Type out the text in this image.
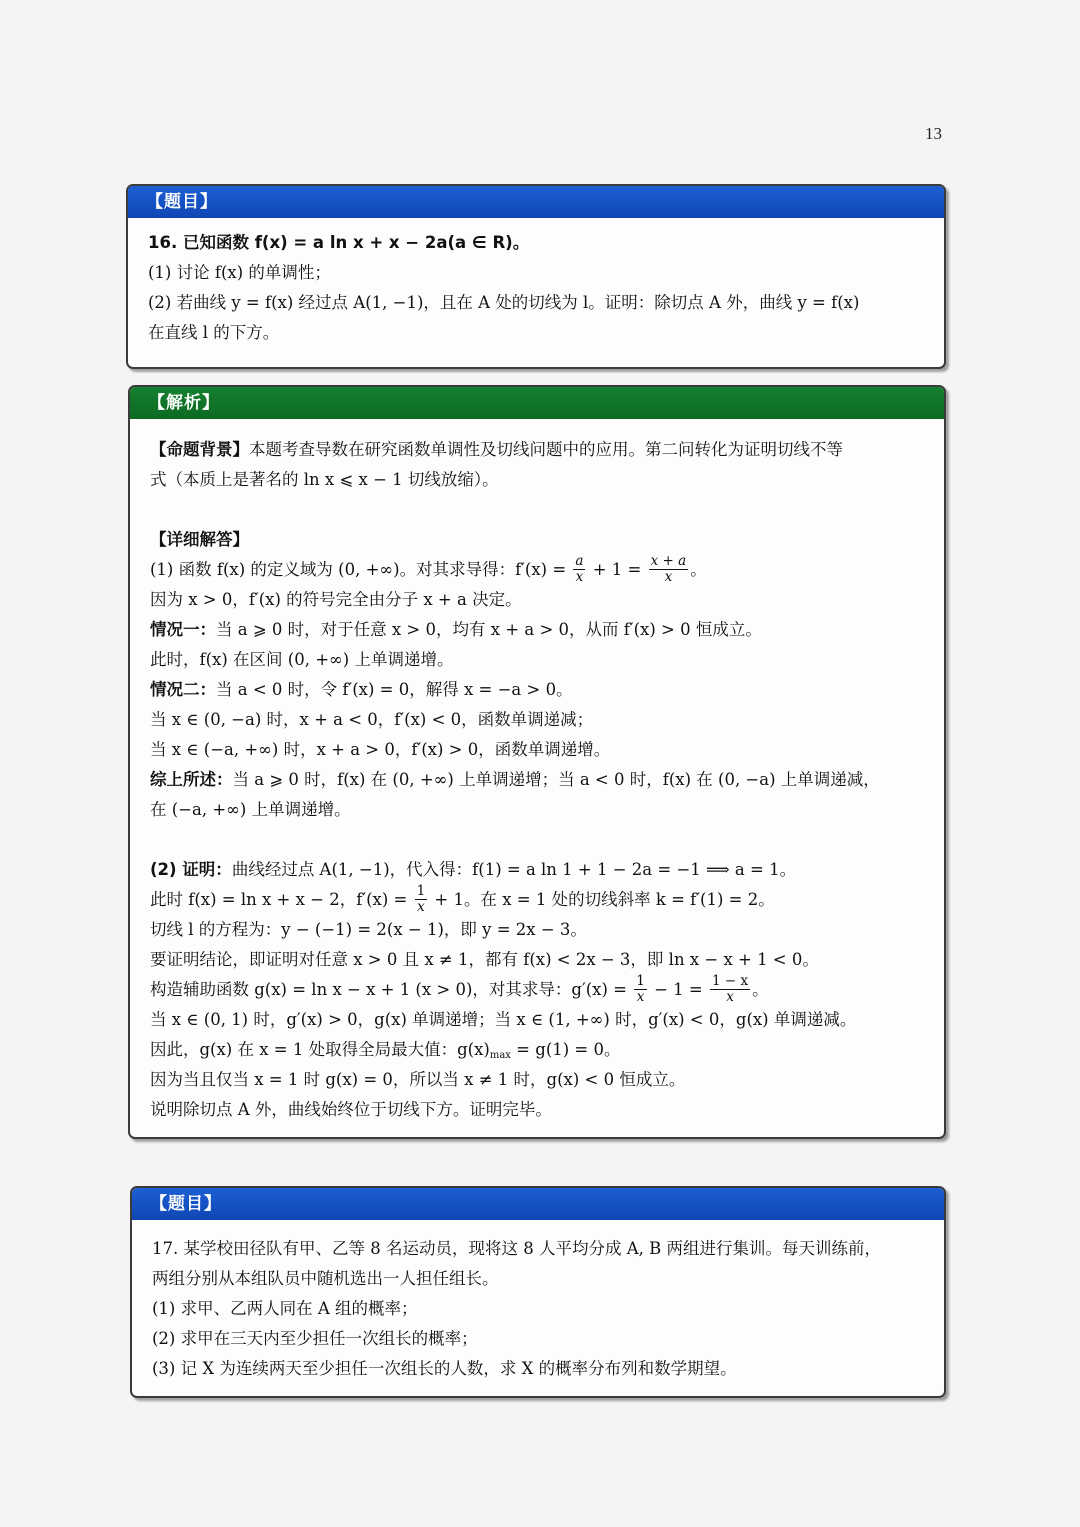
13
【题目】
16. 已知函数 f(x) = a ln x + x − 2a(a ∈ R)。
(1) 讨论 f(x) 的单调性；
(2) 若曲线 y = f(x) 经过点 A(1, −1)，且在 A 处的切线为 l。证明：除切点 A 外，曲线 y = f(x)
在直线 l 的下方。
【解析】
【命题背景】本题考查导数在研究函数单调性及切线问题中的应用。第二问转化为证明切线不等
式（本质上是著名的 ln x ⩽ x − 1 切线放缩）。
【详细解答】
(1) 函数 f(x) 的定义域为 (0, +∞)。对其求导得：$f'(x) = \frac{a}{x} + 1 = \frac{x + a}{x}$ 。
因为 x > 0，f′(x) 的符号完全由分子 x + a 决定。
情况一：当 a ⩾ 0 时，对于任意 x > 0，均有 x + a > 0，从而 f′(x) > 0 恒成立。
此时，f(x) 在区间 (0, +∞) 上单调递增。
情况二：当 a < 0 时，令 f′(x) = 0，解得 x = −a > 0。
当 x ∈ (0, −a) 时，x + a < 0，f′(x) < 0，函数单调递减；
当 x ∈ (−a, +∞) 时，x + a > 0，f′(x) > 0，函数单调递增。
综上所述：当 a ⩾ 0 时，f(x) 在 (0, +∞) 上单调递增；当 a < 0 时，f(x) 在 (0, −a) 上单调递减，
在 (−a, +∞) 上单调递增。
(2) 证明：曲线经过点 A(1, −1)，代入得：f(1) = a ln 1 + 1 − 2a = −1 ⟹ a = 1。
此时 f(x) = ln x + x − 2，$f'(x) = \frac{1}{x} + 1$。在 x = 1 处的切线斜率 k = f′(1) = 2。
切线 l 的方程为：y − (−1) = 2(x − 1)，即 y = 2x − 3。
要证明结论，即证明对任意 x > 0 且 x ≠ 1，都有 f(x) < 2x − 3，即 ln x − x + 1 < 0。
构造辅助函数 g(x) = ln x − x + 1 (x > 0)，对其求导：$g'(x) = \frac{1}{x} - 1 = \frac{1 - x}{x}$ 。
当 x ∈ (0, 1) 时，g′(x) > 0，g(x) 单调递增；当 x ∈ (1, +∞) 时，g′(x) < 0，g(x) 单调递减。
因此，g(x) 在 x = 1 处取得全局最大值：$g(x)_{max} = g(1) = 0$。
因为当且仅当 x = 1 时 g(x) = 0，所以当 x ≠ 1 时，g(x) < 0 恒成立。
说明除切点 A 外，曲线始终位于切线下方。证明完毕。
【题目】
17. 某学校田径队有甲、乙等 8 名运动员，现将这 8 人平均分成 A, B 两组进行集训。每天训练前，
两组分别从本组队员中随机选出一人担任组长。
(1) 求甲、乙两人同在 A 组的概率；
(2) 求甲在三天内至少担任一次组长的概率；
(3) 记 X 为连续两天至少担任一次组长的人数，求 X 的概率分布列和数学期望。
